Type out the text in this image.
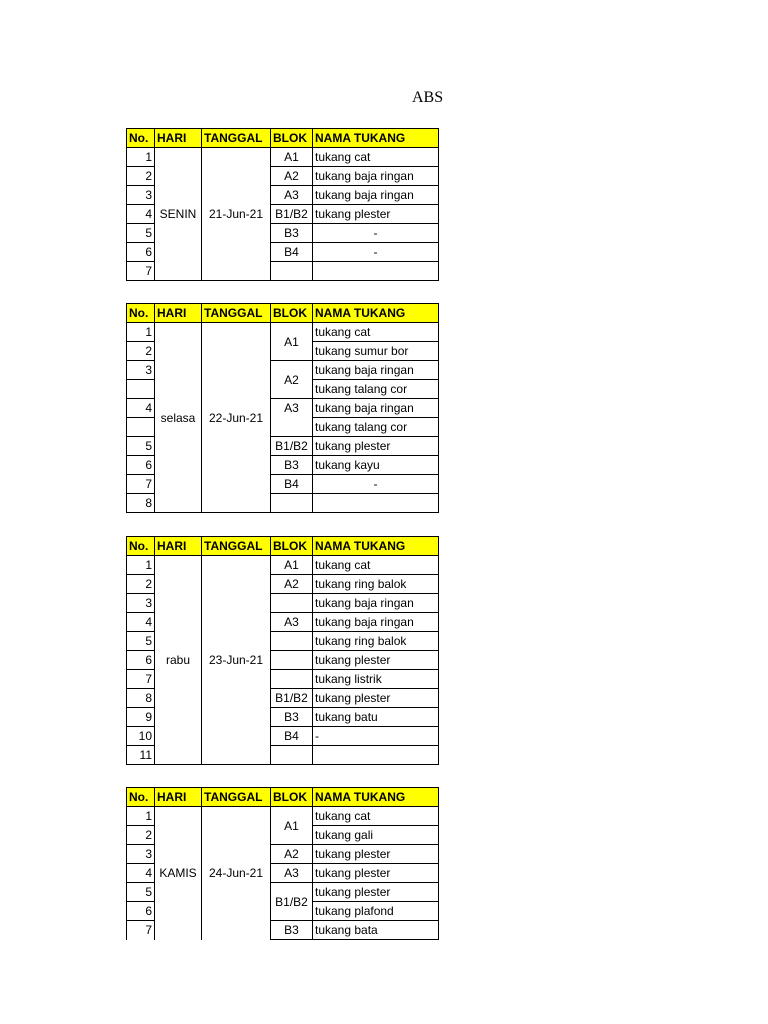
ABS
No.	HARI	TANGGAL	BLOK	NAMA TUKANG
1	SENIN	21-Jun-21	A1	tukang cat
2			A2	tukang baja ringan
3			A3	tukang baja ringan
4			B1/B2	tukang plester
5			B3	-
6			B4	-
7				
No.	HARI	TANGGAL	BLOK	NAMA TUKANG
1	selasa	22-Jun-21	A1	tukang cat
2				tukang sumur bor
3			A2	tukang baja ringan
				tukang talang cor
4			A3	tukang baja ringan
				tukang talang cor
5			B1/B2	tukang plester
6			B3	tukang kayu
7			B4	-
8				
No.	HARI	TANGGAL	BLOK	NAMA TUKANG
1	rabu	23-Jun-21	A1	tukang cat
2			A2	tukang ring balok
3				tukang baja ringan
4			A3	tukang baja ringan
5				tukang ring balok
6				tukang plester
7				tukang listrik
8			B1/B2	tukang plester
9			B3	tukang batu
10			B4	-
11				
No.	HARI	TANGGAL	BLOK	NAMA TUKANG
1	KAMIS	24-Jun-21	A1	tukang cat
2				tukang gali
3			A2	tukang plester
4			A3	tukang plester
5			B1/B2	tukang plester
6				tukang plafond
7			B3	tukang bata
